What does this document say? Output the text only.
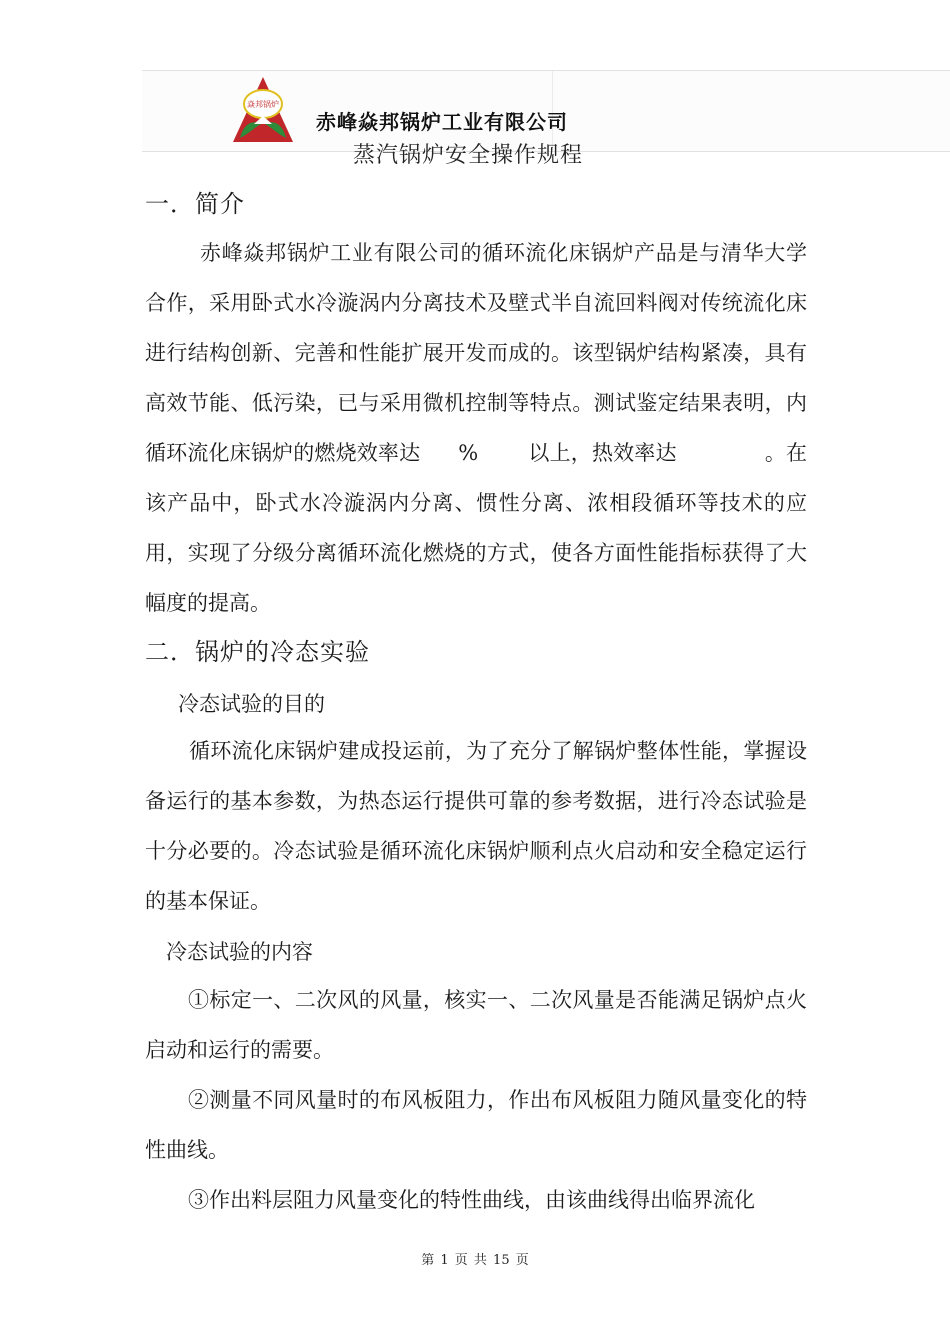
焱邦锅炉
赤峰焱邦锅炉工业有限公司
蒸汽锅炉安全操作规程
一．简介

赤峰焱邦锅炉工业有限公司的循环流化床锅炉产品是与清华大学合作，采用卧式水冷漩涡内分离技术及壁式半自流回料阀对传统流化床进行结构创新、完善和性能扩展开发而成的。该型锅炉结构紧凑，具有高效节能、低污染，已与采用微机控制等特点。测试鉴定结果表明，内循环流化床锅炉的燃烧效率达 % 以上，热效率达	。在该产品中，卧式水冷漩涡内分离、惯性分离、浓相段循环等技术的应用，实现了分级分离循环流化燃烧的方式，使各方面性能指标获得了大幅度的提高。

二．锅炉的冷态实验
冷态试验的目的

循环流化床锅炉建成投运前，为了充分了解锅炉整体性能，掌握设备运行的基本参数，为热态运行提供可靠的参考数据，进行冷态试验是十分必要的。冷态试验是循环流化床锅炉顺利点火启动和安全稳定运行的基本保证。

冷态试验的内容

①标定一、二次风的风量，核实一、二次风量是否能满足锅炉点火启动和运行的需要。

②测量不同风量时的布风板阻力，作出布风板阻力随风量变化的特性曲线。

③作出料层阻力风量变化的特性曲线，由该曲线得出临界流化

第 1 页 共 15 页
